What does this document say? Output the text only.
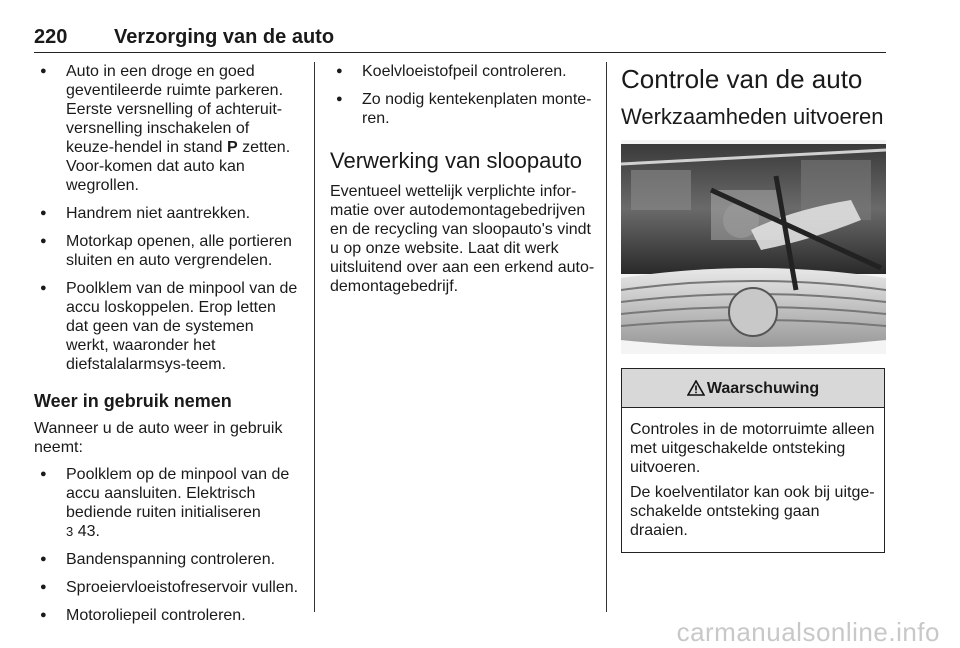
220 Verzorging van de auto
● Auto in een droge en goed geventileerde ruimte parkeren. Eerste versnelling of achteruit-versnelling inschakelen of keuze-hendel in stand P zetten. Voor-komen dat auto kan wegrollen.
● Handrem niet aantrekken.
● Motorkap openen, alle portieren sluiten en auto vergrendelen.
● Poolklem van de minpool van de accu loskoppelen. Erop letten dat geen van de systemen werkt, waaronder het diefstalalarmsys-teem.
Weer in gebruik nemen

Wanneer u de auto weer in gebruik neemt:

● Poolklem op de minpool van de accu aansluiten. Elektrisch bediende ruiten initialiseren
3 43.
● Bandenspanning controleren.
● Sproeiervloeistofreservoir vullen.
● Motoroliepeil controleren.
● Koelvloeistofpeil controleren.
● Zo nodig kentekenplaten monte-ren.
Verwerking van sloopauto

Eventueel wettelijk verplichte infor-matie over autodemontagebedrijven en de recycling van sloopauto's vindt u op onze website. Laat dit werk uitsluitend over aan een erkend auto-demontagebedrijf.

Controle van de auto
Werkzaamheden uitvoeren
Waarschuwing

Controles in de motorruimte alleen met uitgeschakelde ontsteking uitvoeren.

De koelventilator kan ook bij uitge-schakelde ontsteking gaan draaien.

carmanualsonline.info
